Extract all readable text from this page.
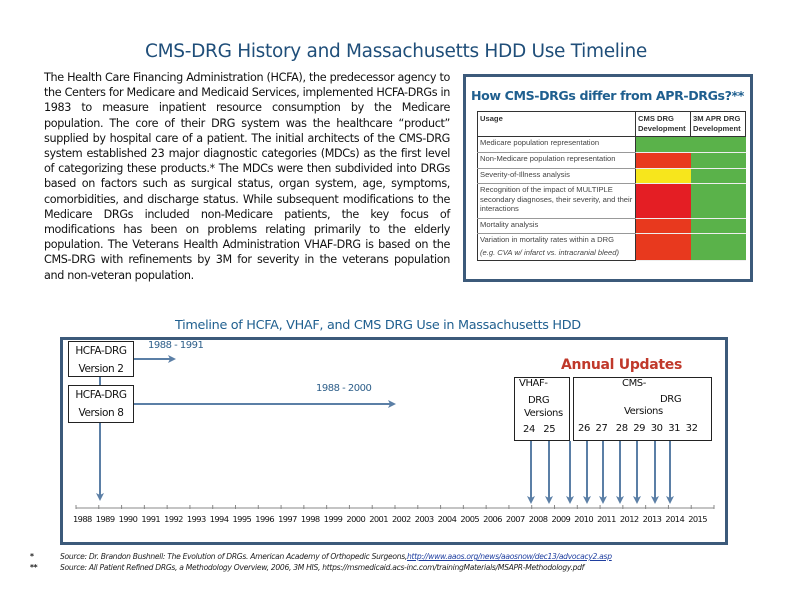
CMS-DRG History and Massachusetts HDD Use Timeline
The Health Care Financing Administration (HCFA), the predecessor agency to the Centers for Medicare and Medicaid Services, implemented HCFA-DRGs in 1983 to measure inpatient resource consumption by the Medicare population. The core of their DRG system was the healthcare “product” supplied by hospital care of a patient. The initial architects of the CMS-DRG system established 23 major diagnostic categories (MDCs) as the first level of categorizing these products.* The MDCs were then subdivided into DRGs based on factors such as surgical status, organ system, age, symptoms, comorbidities, and discharge status. While subsequent modifications to the Medicare DRGs included non-Medicare patients, the key focus of modifications has been on problems relating primarily to the elderly population. The Veterans Health Administration VHAF-DRG is based on the CMS-DRG with refinements by 3M for severity in the veterans population and non-veteran population.
How CMS-DRGs differ from APR-DRGs?**
Usage	CMS DRG Development	3M APR DRG Development
Medicare population representation		
Non-Medicare population representation		
Severity-of-Illness analysis		
Recognition of the impact of MULTIPLE secondary diagnoses, their severity, and their interactions		
Mortality analysis		
Variation in mortality rates within a DRG
(e.g. CVA w/ infarct vs. intracranial bleed)		

Timeline of HCFA, VHAF, and CMS DRG Use in Massachusetts HDD
HCFA-DRG
Version 2
1988 - 1991
HCFA-DRG
Version 8
1988 - 2000
Annual Updates
VHAF-
DRG
Versions
24   25
CMS-
DRG
Versions
26  27   28  29  30  31  32
1988 1989 1990 1991 1992 1993 1994 1995 1996 1997 1998 1999 2000 2001 2002 2003 2004 2005 2006 2007 2008 2009 2010 2011 2012 2013 2014 2015
*	Source: Dr. Brandon Bushnell: The Evolution of DRGs. American Academy of Orthopedic Surgeons, http://www.aaos.org/news/aaosnow/dec13/advocacy2.asp
**	Source: All Patient Refined DRGs, a Methodology Overview, 2006, 3M HIS, https://msmedicaid.acs-inc.com/trainingMaterials/MSAPR-Methodology.pdf
